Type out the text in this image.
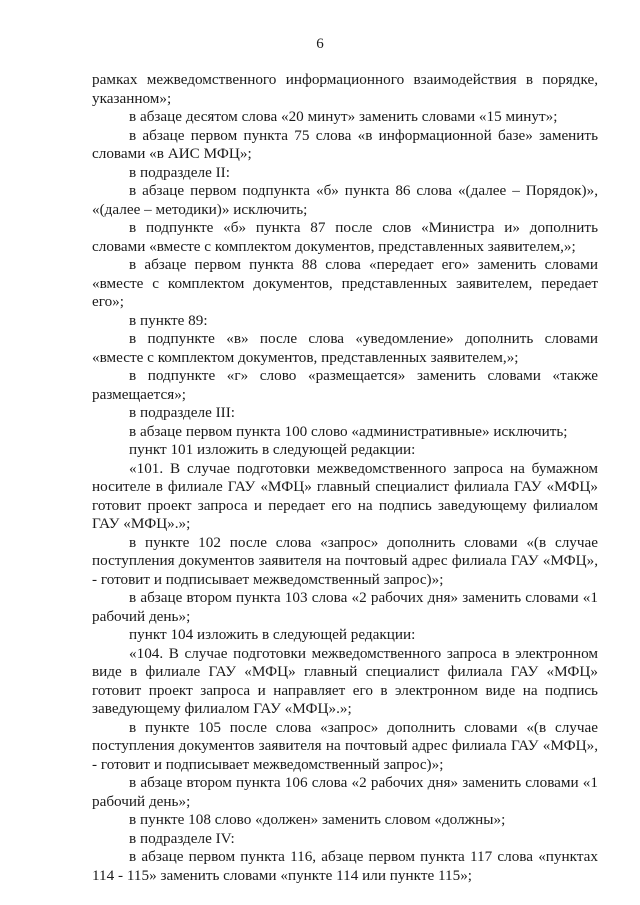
6

рамках межведомственного информационного взаимодействия в порядке, указанном»;

в абзаце десятом слова «20 минут» заменить словами «15 минут»;

в абзаце первом пункта 75 слова «в информационной базе» заменить словами «в АИС МФЦ»;

в подразделе II:

в абзаце первом подпункта «б» пункта 86 слова «(далее – Порядок)», «(далее – методики)» исключить;

в подпункте «б» пункта 87 после слов «Министра и» дополнить словами «вместе с комплектом документов, представленных заявителем,»;

в абзаце первом пункта 88 слова «передает его» заменить словами «вместе с комплектом документов, представленных заявителем, передает его»;

в пункте 89:

в подпункте «в» после слова «уведомление» дополнить словами «вместе с комплектом документов, представленных заявителем,»;

в подпункте «г» слово «размещается» заменить словами «также размещается»;

в подразделе III:

в абзаце первом пункта 100 слово «административные» исключить;

пункт 101 изложить в следующей редакции:

«101. В случае подготовки межведомственного запроса на бумажном носителе в филиале ГАУ «МФЦ» главный специалист филиала ГАУ «МФЦ» готовит проект запроса и передает его на подпись заведующему филиалом ГАУ «МФЦ».»;

в пункте 102 после слова «запрос» дополнить словами «(в случае поступления документов заявителя на почтовый адрес филиала ГАУ «МФЦ», - готовит и подписывает межведомственный запрос)»;

в абзаце втором пункта 103 слова «2 рабочих дня» заменить словами «1 рабочий день»;

пункт 104 изложить в следующей редакции:

«104. В случае подготовки межведомственного запроса в электронном виде в филиале ГАУ «МФЦ» главный специалист филиала ГАУ «МФЦ» готовит проект запроса и направляет его в электронном виде на подпись заведующему филиалом ГАУ «МФЦ».»;

в пункте 105 после слова «запрос» дополнить словами «(в случае поступления документов заявителя на почтовый адрес филиала ГАУ «МФЦ», - готовит и подписывает межведомственный запрос)»;

в абзаце втором пункта 106 слова «2 рабочих дня» заменить словами «1 рабочий день»;

в пункте 108 слово «должен» заменить словом «должны»;

в подразделе IV:

в абзаце первом пункта 116, абзаце первом пункта 117 слова «пунктах 114 - 115» заменить словами «пункте 114 или пункте 115»;
